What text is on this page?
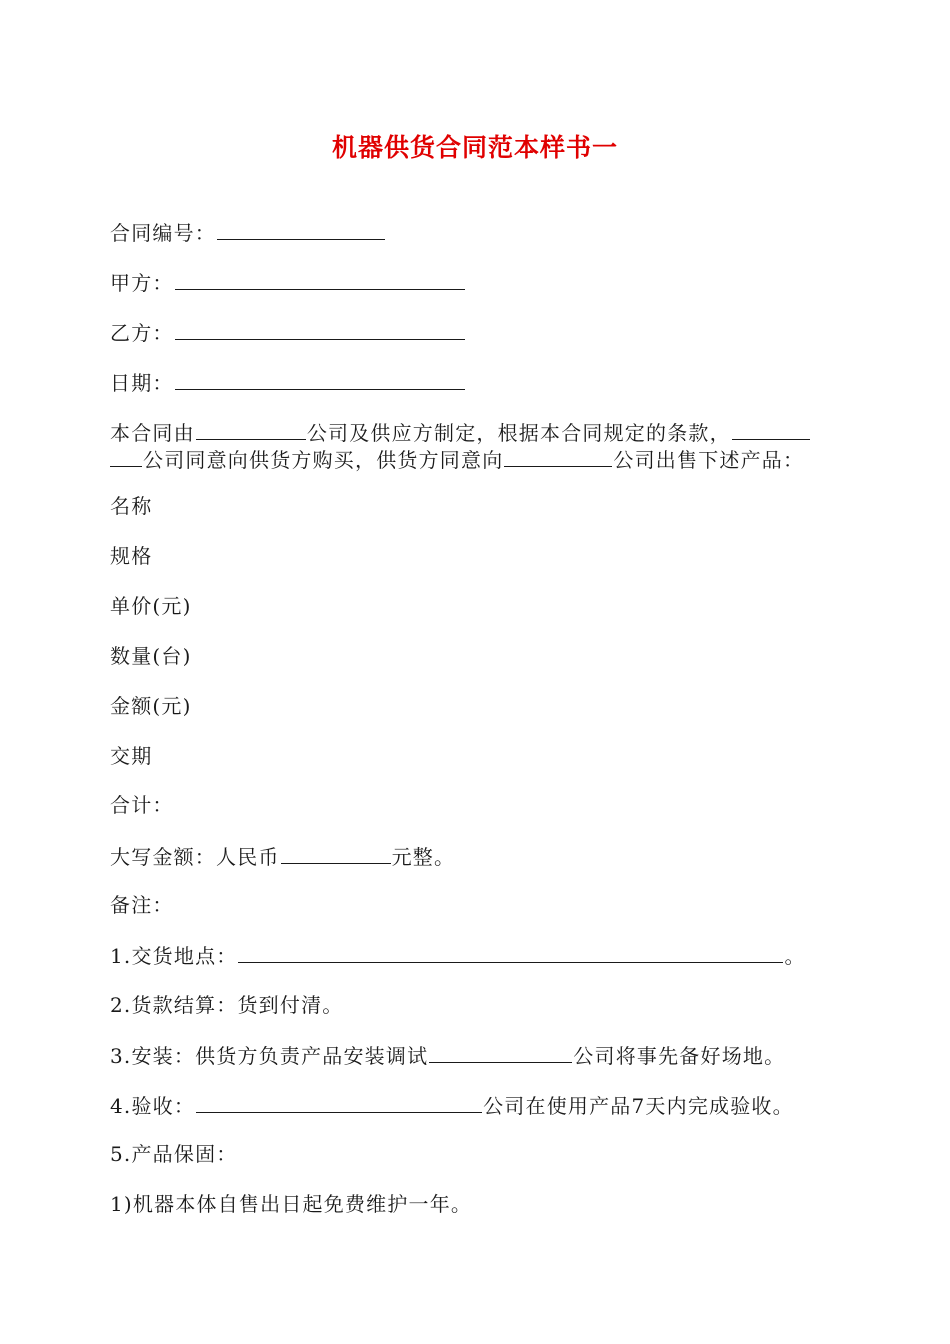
机器供货合同范本样书一
合同编号：
甲方：
乙方：
日期：
本合同由	公司及供应方制定，根据本合同规定的条款，
公司同意向供货方购买，供货方同意向	公司出售下述产品：
名称
规格
单价(元)
数量(台)
金额(元)
交期
合计：
大写金额：人民币	元整。
备注：
1.交货地点：	。
2.货款结算：货到付清。
3.安装：供货方负责产品安装调试	公司将事先备好场地。
4.验收：	公司在使用产品7天内完成验收。
5.产品保固：
1)机器本体自售出日起免费维护一年。
